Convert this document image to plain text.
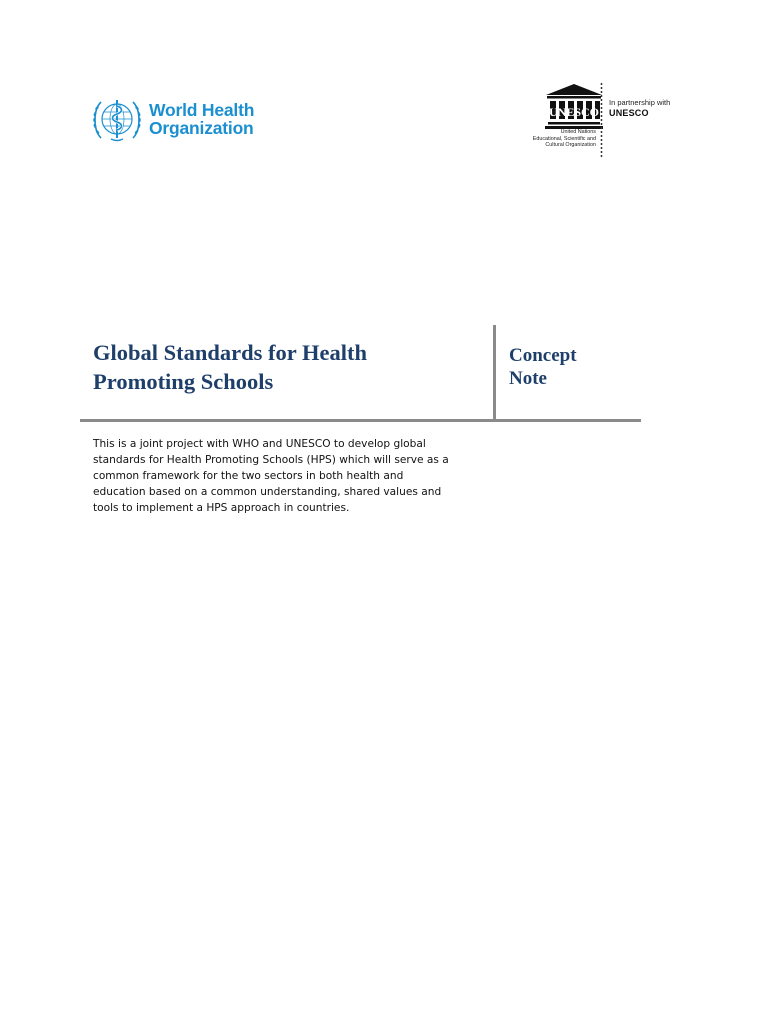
World Health
Organization
UNESCO
United Nations
Educational, Scientific and
Cultural Organization
In partnership with
UNESCO
Global Standards for Health
Promoting Schools
Concept
Note
This is a joint project with WHO and UNESCO to develop global
standards for Health Promoting Schools (HPS) which will serve as a
common framework for the two sectors in both health and
education based on a common understanding, shared values and
tools to implement a HPS approach in countries.
